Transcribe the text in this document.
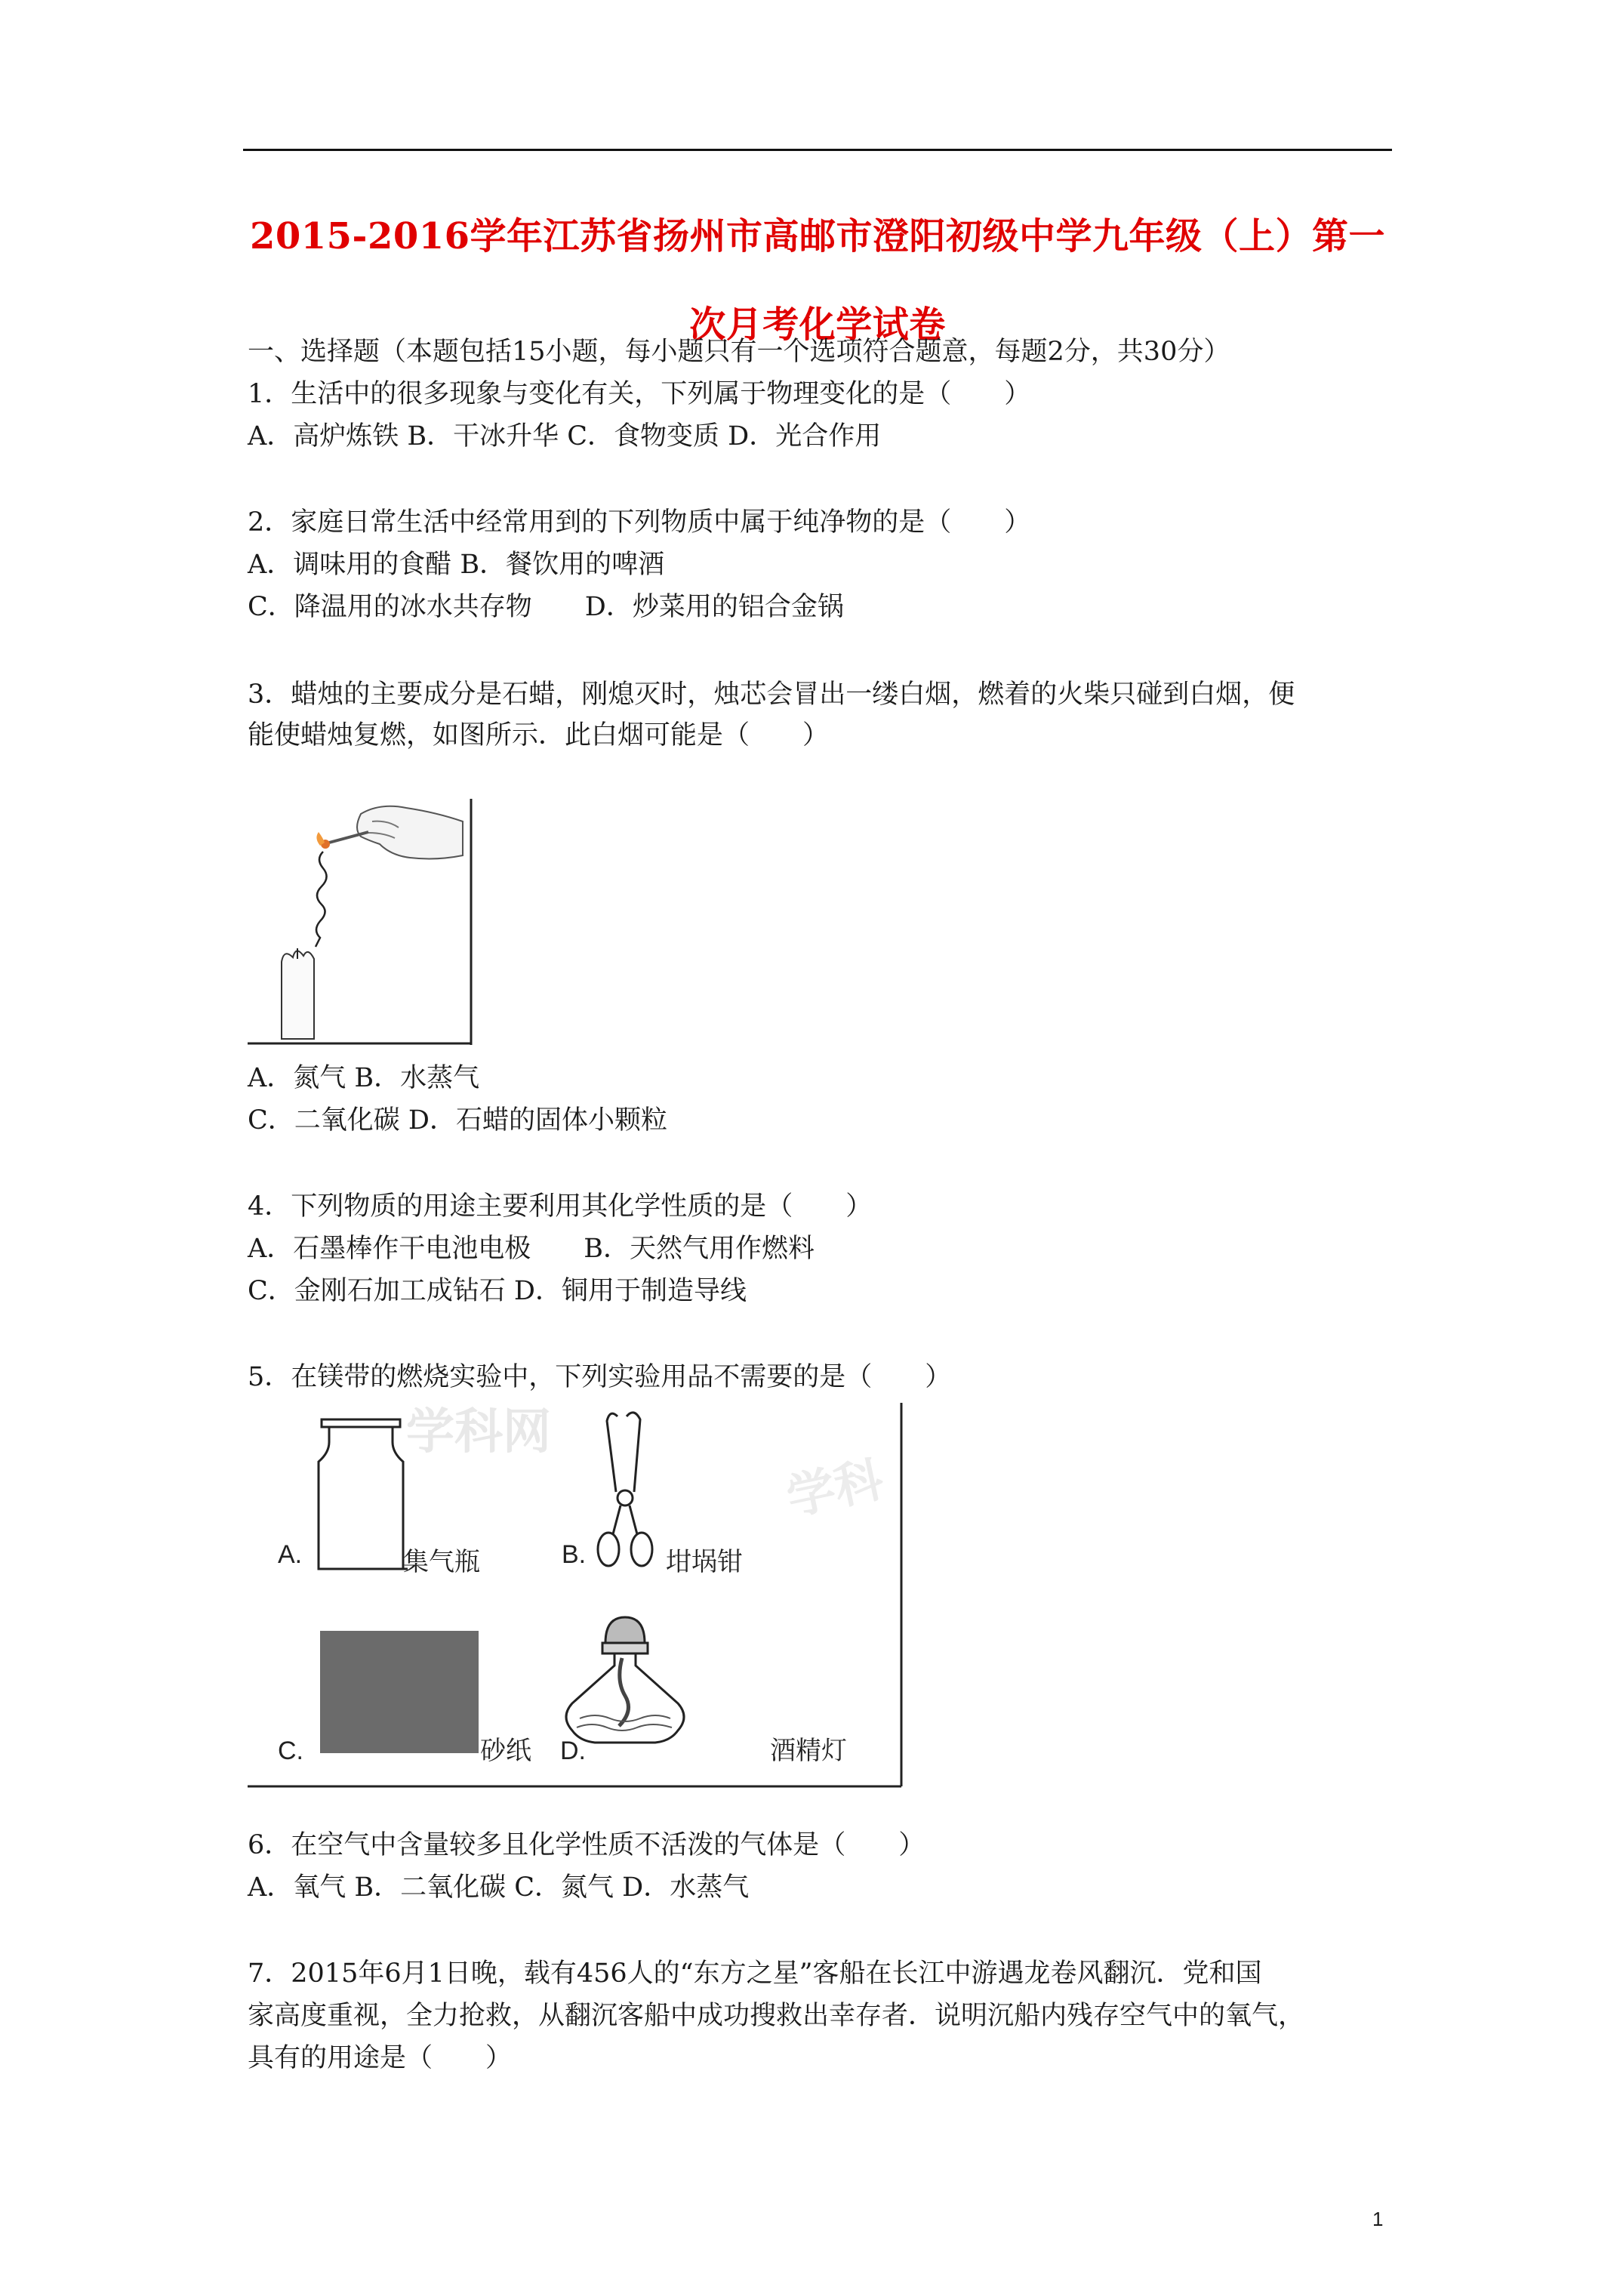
2015-2016学年江苏省扬州市高邮市澄阳初级中学九年级（上）第一
次月考化学试卷
一、选择题（本题包括15小题，每小题只有一个选项符合题意，每题2分，共30分）
1．生活中的很多现象与变化有关，下列属于物理变化的是（　　）
A．高炉炼铁 B．干冰升华 C．食物变质 D．光合作用
2．家庭日常生活中经常用到的下列物质中属于纯净物的是（　　）
A．调味用的食醋 B．餐饮用的啤酒
C．降温用的冰水共存物　　D．炒菜用的铝合金锅
3．蜡烛的主要成分是石蜡，刚熄灭时，烛芯会冒出一缕白烟，燃着的火柴只碰到白烟，便
能使蜡烛复燃，如图所示．此白烟可能是（　　）
A．氮气 B．水蒸气
C．二氧化碳 D．石蜡的固体小颗粒
4．下列物质的用途主要利用其化学性质的是（　　）
A．石墨棒作干电池电极　　B．天然气用作燃料
C．金刚石加工成钻石 D．铜用于制造导线
5．在镁带的燃烧实验中，下列实验用品不需要的是（　　）
学科网
学科
A.	集气瓶	B.	坩埚钳
C.	砂纸 D.	酒精灯
6．在空气中含量较多且化学性质不活泼的气体是（　　）
A．氧气 B．二氧化碳 C．氮气 D．水蒸气
7．2015年6月1日晚，载有456人的“东方之星”客船在长江中游遇龙卷风翻沉．党和国
家高度重视，全力抢救，从翻沉客船中成功搜救出幸存者．说明沉船内残存空气中的氧气，
具有的用途是（　　）
1
